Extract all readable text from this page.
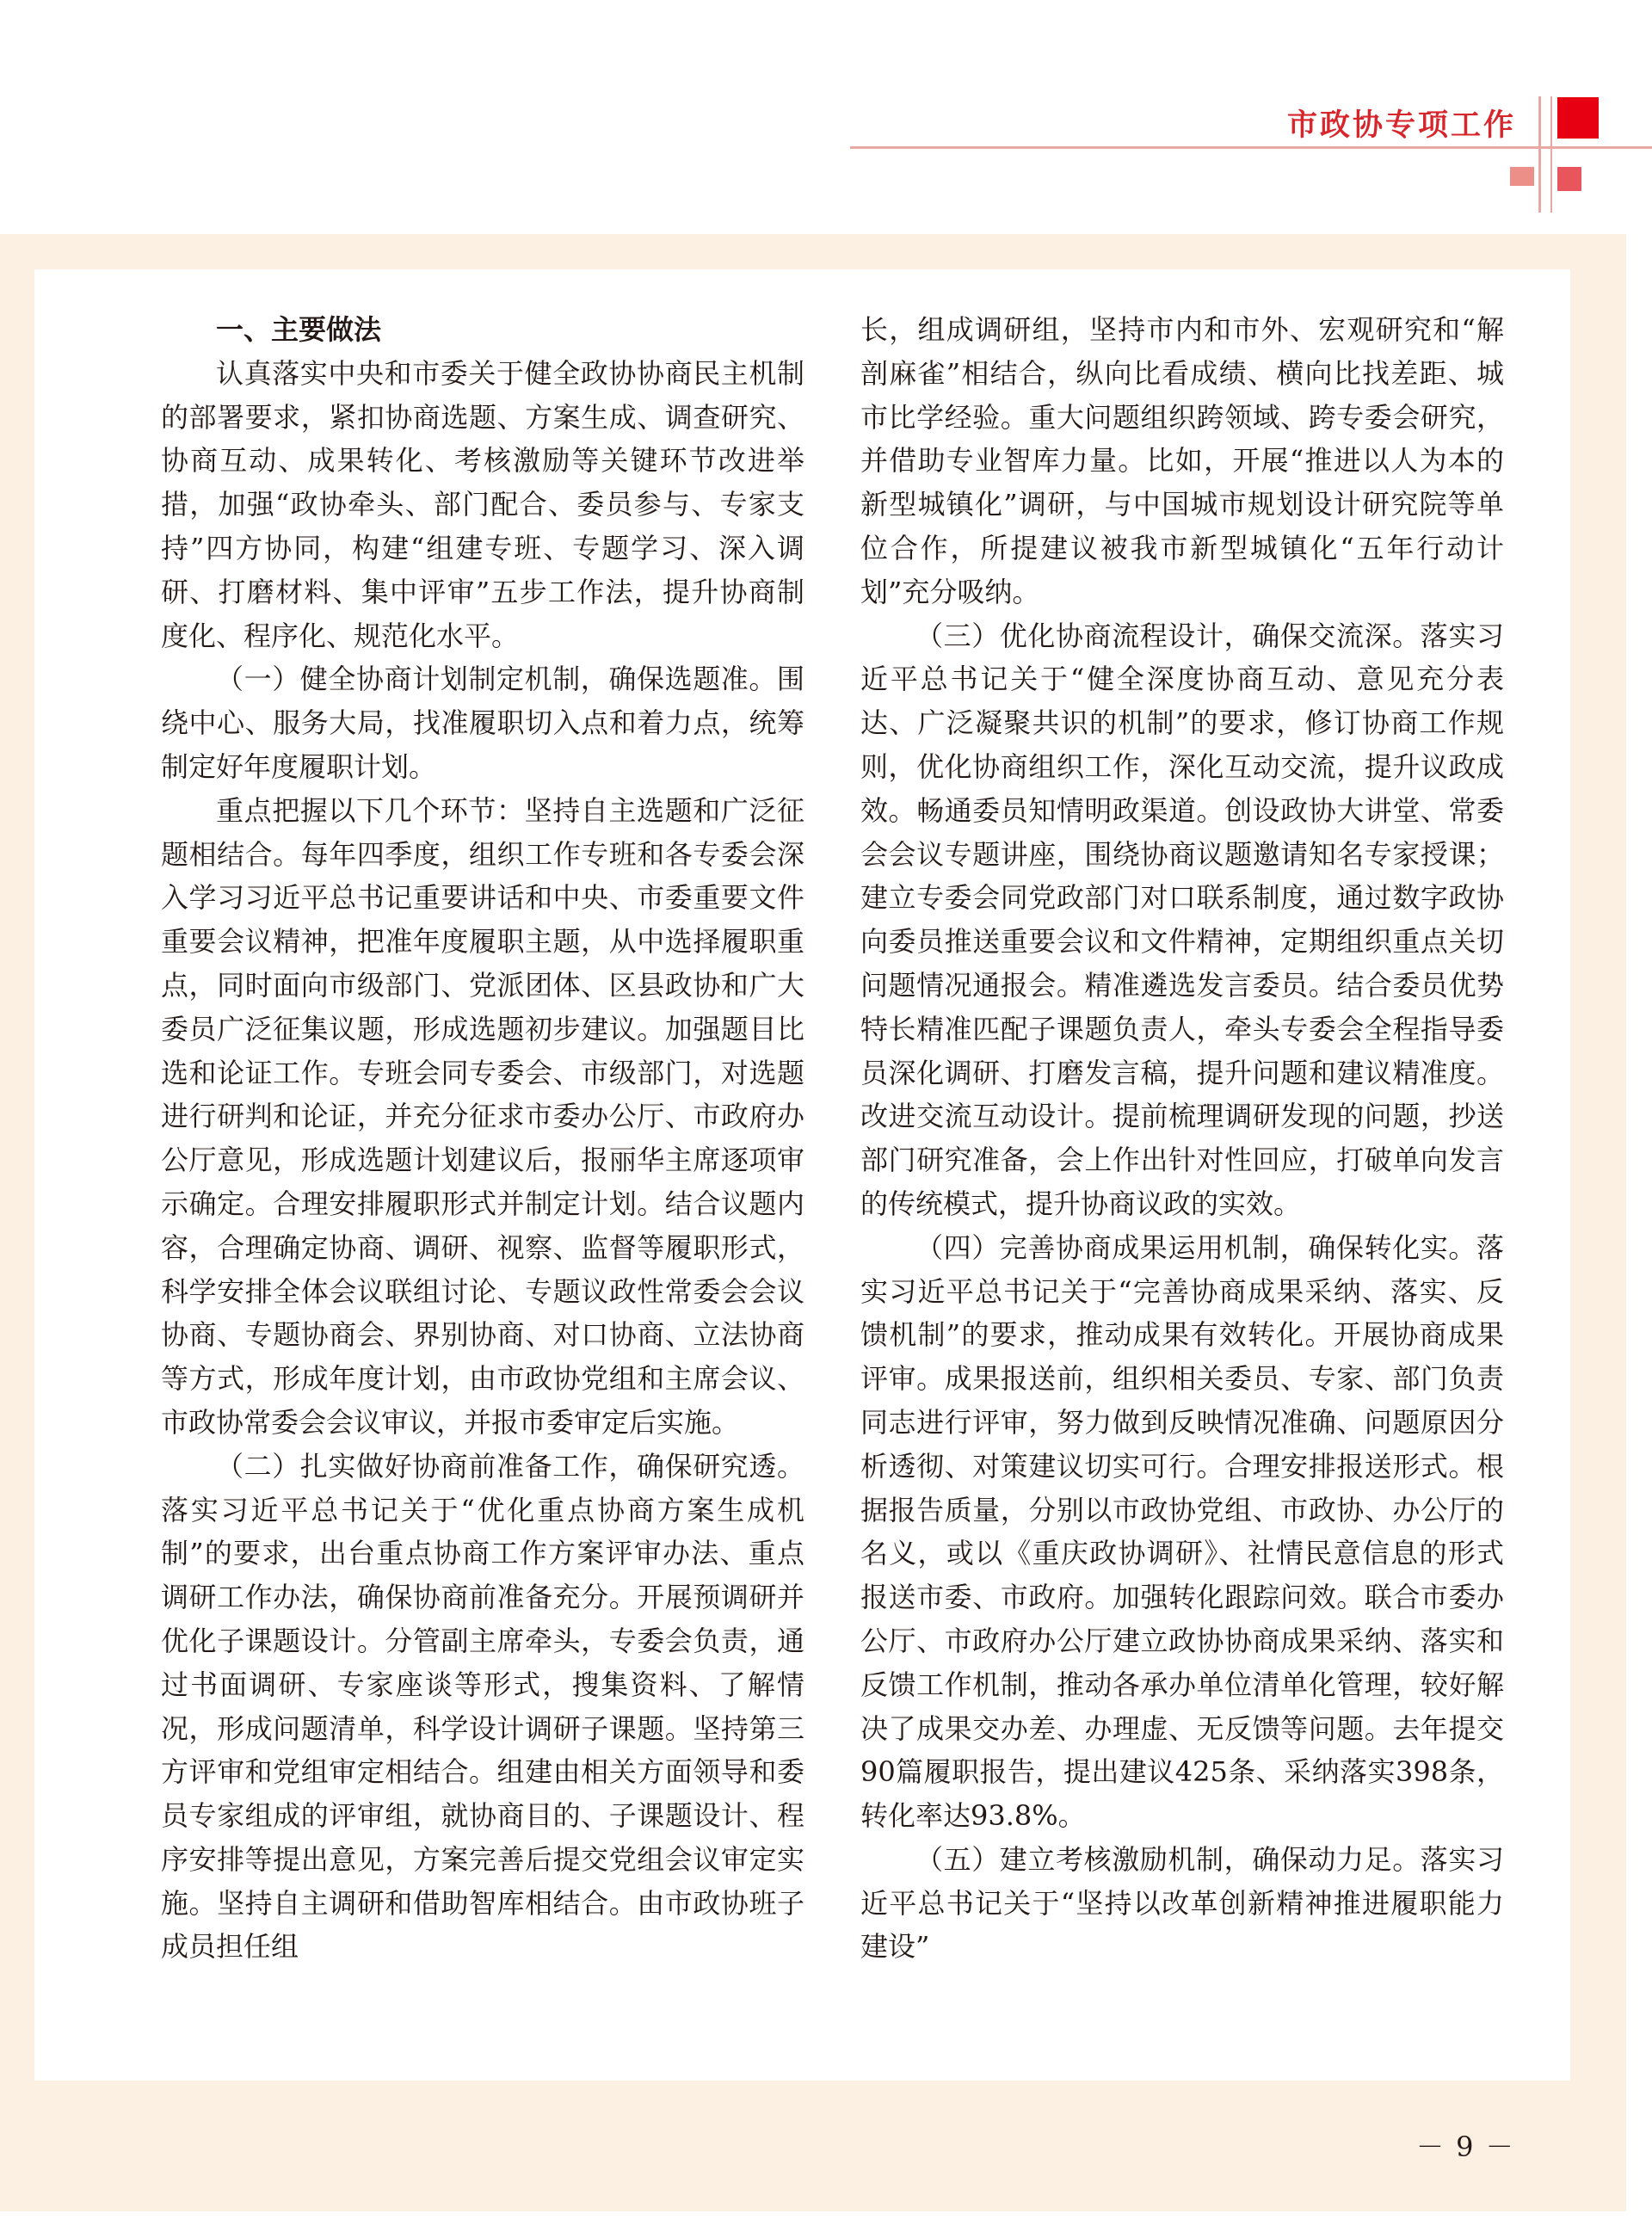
市政协专项工作
一、主要做法

认真落实中央和市委关于健全政协协商民主机制的部署要求，紧扣协商选题、方案生成、调查研究、协商互动、成果转化、考核激励等关键环节改进举措，加强“政协牵头、部门配合、委员参与、专家支持”四方协同，构建“组建专班、专题学习、深入调研、打磨材料、集中评审”五步工作法，提升协商制度化、程序化、规范化水平。

（一）健全协商计划制定机制，确保选题准。围绕中心、服务大局，找准履职切入点和着力点，统筹制定好年度履职计划。

重点把握以下几个环节：坚持自主选题和广泛征题相结合。每年四季度，组织工作专班和各专委会深入学习习近平总书记重要讲话和中央、市委重要文件重要会议精神，把准年度履职主题，从中选择履职重点，同时面向市级部门、党派团体、区县政协和广大委员广泛征集议题，形成选题初步建议。加强题目比选和论证工作。专班会同专委会、市级部门，对选题进行研判和论证，并充分征求市委办公厅、市政府办公厅意见，形成选题计划建议后，报丽华主席逐项审示确定。合理安排履职形式并制定计划。结合议题内容，合理确定协商、调研、视察、监督等履职形式，科学安排全体会议联组讨论、专题议政性常委会会议协商、专题协商会、界别协商、对口协商、立法协商等方式，形成年度计划，由市政协党组和主席会议、市政协常委会会议审议，并报市委审定后实施。

（二）扎实做好协商前准备工作，确保研究透。落实习近平总书记关于“优化重点协商方案生成机制”的要求，出台重点协商工作方案评审办法、重点调研工作办法，确保协商前准备充分。开展预调研并优化子课题设计。分管副主席牵头，专委会负责，通过书面调研、专家座谈等形式，搜集资料、了解情况，形成问题清单，科学设计调研子课题。坚持第三方评审和党组审定相结合。组建由相关方面领导和委员专家组成的评审组，就协商目的、子课题设计、程序安排等提出意见，方案完善后提交党组会议审定实施。坚持自主调研和借助智库相结合。由市政协班子成员担任组

长，组成调研组，坚持市内和市外、宏观研究和“解剖麻雀”相结合，纵向比看成绩、横向比找差距、城市比学经验。重大问题组织跨领域、跨专委会研究，并借助专业智库力量。比如，开展“推进以人为本的新型城镇化”调研，与中国城市规划设计研究院等单位合作，所提建议被我市新型城镇化“五年行动计划”充分吸纳。

（三）优化协商流程设计，确保交流深。落实习近平总书记关于“健全深度协商互动、意见充分表达、广泛凝聚共识的机制”的要求，修订协商工作规则，优化协商组织工作，深化互动交流，提升议政成效。畅通委员知情明政渠道。创设政协大讲堂、常委会会议专题讲座，围绕协商议题邀请知名专家授课；建立专委会同党政部门对口联系制度，通过数字政协向委员推送重要会议和文件精神，定期组织重点关切问题情况通报会。精准遴选发言委员。结合委员优势特长精准匹配子课题负责人，牵头专委会全程指导委员深化调研、打磨发言稿，提升问题和建议精准度。改进交流互动设计。提前梳理调研发现的问题，抄送部门研究准备，会上作出针对性回应，打破单向发言的传统模式，提升协商议政的实效。

（四）完善协商成果运用机制，确保转化实。落实习近平总书记关于“完善协商成果采纳、落实、反馈机制”的要求，推动成果有效转化。开展协商成果评审。成果报送前，组织相关委员、专家、部门负责同志进行评审，努力做到反映情况准确、问题原因分析透彻、对策建议切实可行。合理安排报送形式。根据报告质量，分别以市政协党组、市政协、办公厅的名义，或以《重庆政协调研》、社情民意信息的形式报送市委、市政府。加强转化跟踪问效。联合市委办公厅、市政府办公厅建立政协协商成果采纳、落实和反馈工作机制，推动各承办单位清单化管理，较好解决了成果交办差、办理虚、无反馈等问题。去年提交90篇履职报告，提出建议425条、采纳落实398条，转化率达93.8%。

（五）建立考核激励机制，确保动力足。落实习近平总书记关于“坚持以改革创新精神推进履职能力建设”

－ 9 －
